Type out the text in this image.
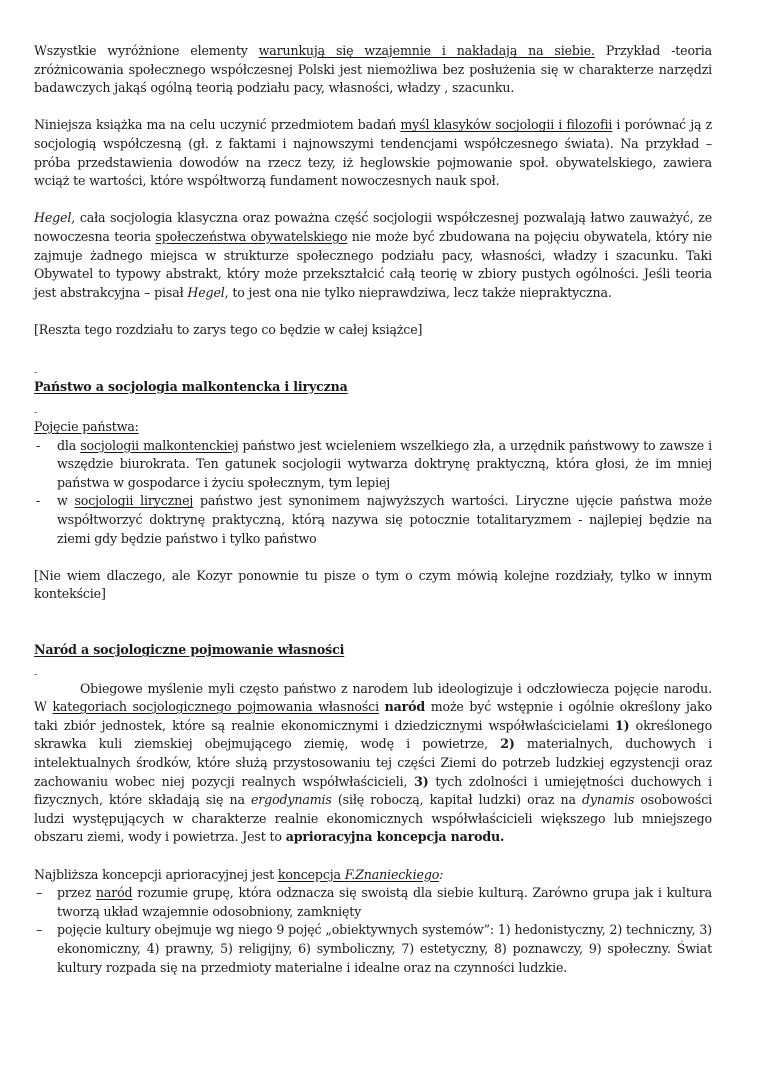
Wszystkie wyróżnione elementy warunkują się wzajemnie i nakładają na siebie. Przykład -teoria zróżnicowania społecznego współczesnej Polski jest niemożliwa bez posłużenia się w charakterze narzędzi badawczych jakąś ogólną teorią podziału pacy, własności, władzy , szacunku.

Niniejsza książka ma na celu uczynić przedmiotem badań myśl klasyków socjologii i filozofii i porównać ją z socjologią współczesną (gł. z faktami i najnowszymi tendencjami współczesnego świata). Na przykład – próba przedstawienia dowodów na rzecz tezy, iż heglowskie pojmowanie społ. obywatelskiego, zawiera wciąż te wartości, które współtworzą fundament nowoczesnych nauk społ.

Hegel, cała socjologia klasyczna oraz poważna część socjologii współczesnej pozwalają łatwo zauważyć, ze nowoczesna teoria społeczeństwa obywatelskiego nie może być zbudowana na pojęciu obywatela, który nie zajmuje żadnego miejsca w strukturze społecznego podziału pacy, własności, władzy i szacunku. Taki Obywatel to typowy abstrakt, który może przekształcić całą teorię w zbiory pustych ogólności. Jeśli teoria jest abstrakcyjna – pisał Hegel, to jest ona nie tylko nieprawdziwa, lecz także niepraktyczna.

[Reszta tego rozdziału to zarys tego co będzie w całej książce]

-

Państwo a socjologia malkontencka i liryczna

-

Pojęcie państwa:

- dla socjologii malkontenckiej państwo jest wcieleniem wszelkiego zła, a urzędnik państwowy to zawsze i wszędzie biurokrata. Ten gatunek socjologii wytwarza doktrynę praktyczną, która głosi, że im mniej państwa w gospodarce i życiu społecznym, tym lepiej
- w socjologii lirycznej państwo jest synonimem najwyższych wartości. Liryczne ujęcie państwa może współtworzyć doktrynę praktyczną, którą nazywa się potocznie totalitaryzmem - najlepiej będzie na ziemi gdy będzie państwo i tylko państwo

[Nie wiem dlaczego, ale Kozyr ponownie tu pisze o tym o czym mówią kolejne rozdziały, tylko w innym kontekście]

Naród a socjologiczne pojmowanie własności

-

Obiegowe myślenie myli często państwo z narodem lub ideologizuje i odczłowiecza pojęcie narodu. W kategoriach socjologicznego pojmowania własności naród może być wstępnie i ogólnie określony jako taki zbiór jednostek, które są realnie ekonomicznymi i dziedzicznymi współwłaścicielami 1) określonego skrawka kuli ziemskiej obejmującego ziemię, wodę i powietrze, 2) materialnych, duchowych i intelektualnych środków, które służą przystosowaniu tej części Ziemi do potrzeb ludzkiej egzystencji oraz zachowaniu wobec niej pozycji realnych współwłaścicieli, 3) tych zdolności i umiejętności duchowych i fizycznych, które składają się na ergodynamis (siłę roboczą, kapitał ludzki) oraz na dynamis osobowości ludzi występujących w charakterze realnie ekonomicznych współwłaścicieli większego lub mniejszego obszaru ziemi, wody i powietrza. Jest to aprioracyjna koncepcja narodu.

Najbliższa koncepcji aprioracyjnej jest koncepcja F.Znanieckiego:

– przez naród rozumie grupę, która odznacza się swoistą dla siebie kulturą. Zarówno grupa jak i kultura tworzą układ wzajemnie odosobniony, zamknięty
– pojęcie kultury obejmuje wg niego 9 pojęć „obiektywnych systemów”: 1) hedonistyczny, 2) techniczny, 3) ekonomiczny, 4) prawny, 5) religijny, 6) symboliczny, 7) estetyczny, 8) poznawczy, 9) społeczny. Świat kultury rozpada się na przedmioty materialne i idealne oraz na czynności ludzkie.
